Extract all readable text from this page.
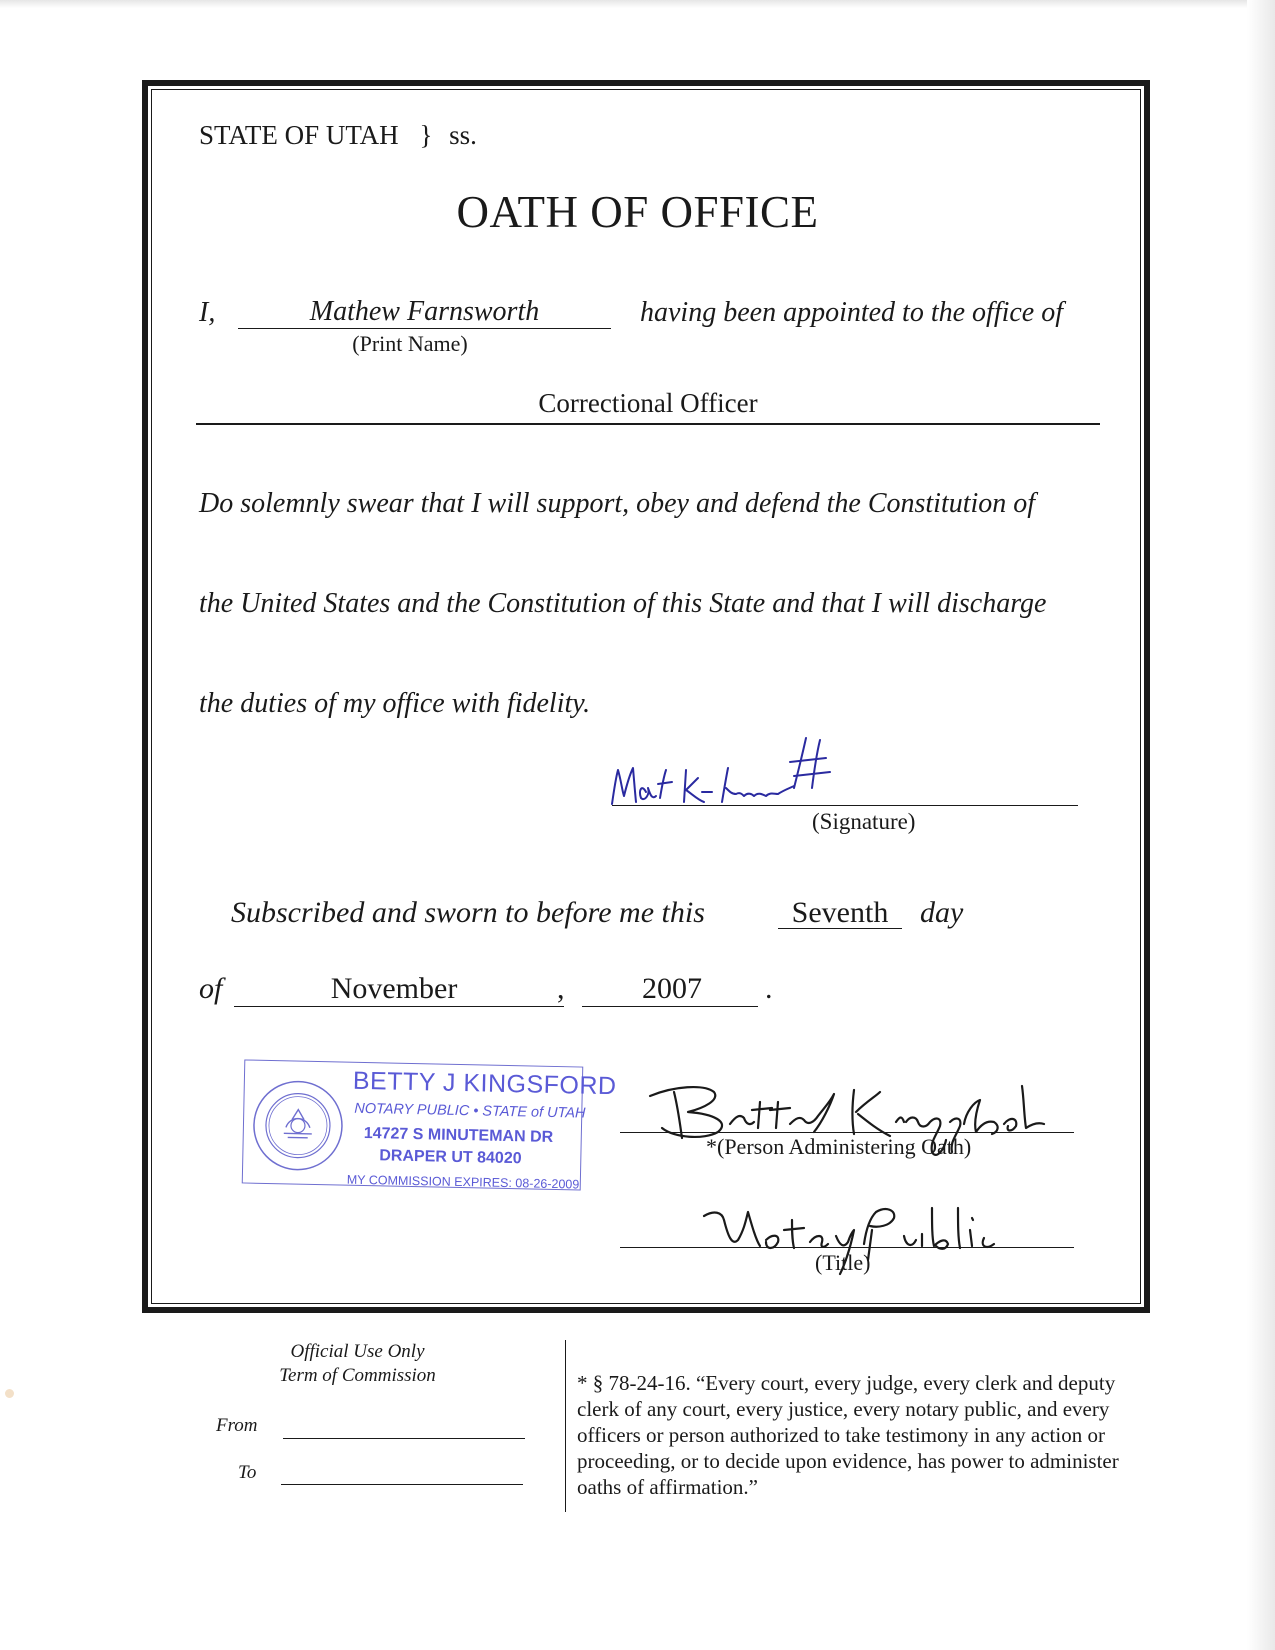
STATE OF UTAH } ss.
OATH OF OFFICE
I,	Mathew Farnsworth
(Print Name)
having been appointed to the office of
Correctional Officer
Do solemnly swear that I will support, obey and defend the Constitution of
the United States and the Constitution of this State and that I will discharge
the duties of my office with fidelity.
(Signature)
Subscribed and sworn to before me this	Seventh	day
of	November	,	2007	.
BETTY J KINGSFORD
NOTARY PUBLIC • STATE of UTAH
14727 S MINUTEMAN DR
DRAPER UT 84020
MY COMMISSION EXPIRES: 08-26-2009
*(Person Administering Oath)
(Title)
Official Use Only
Term of Commission
From
To
* § 78-24-16. “Every court, every judge, every clerk and deputy clerk of any court, every justice, every notary public, and every officers or person authorized to take testimony in any action or proceeding, or to decide upon evidence, has power to administer oaths of affirmation.”
